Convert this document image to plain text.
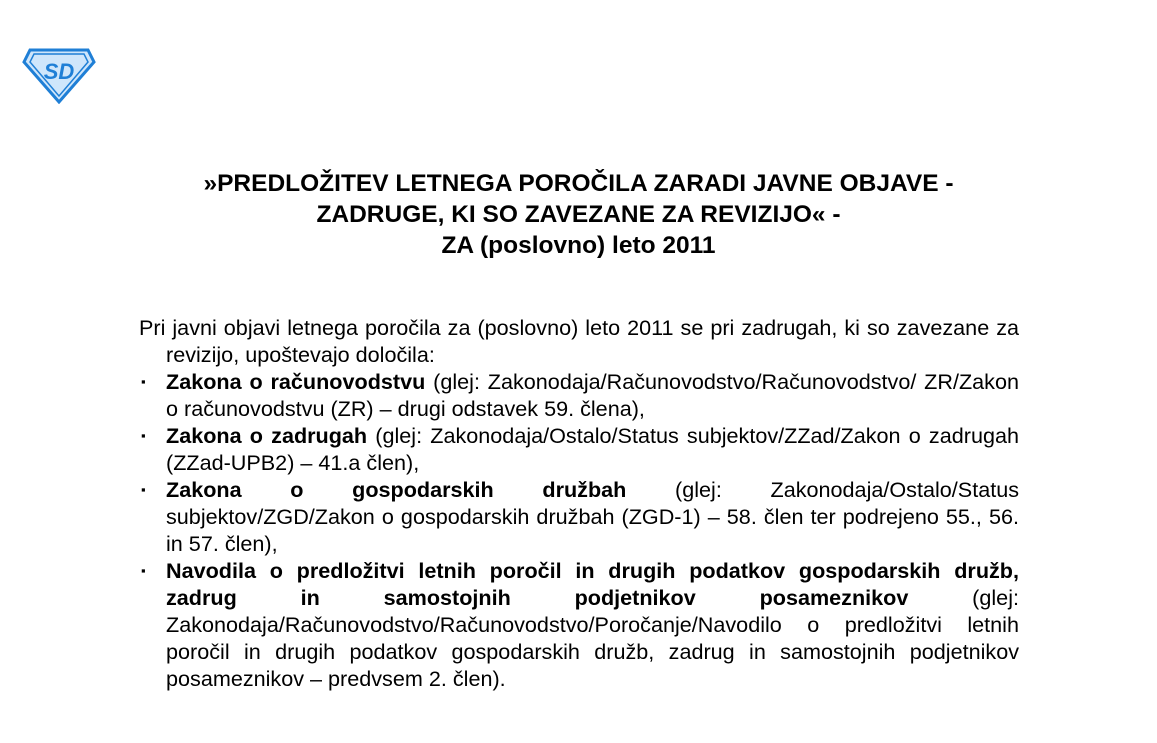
SD
»PREDLOŽITEV LETNEGA POROČILA ZARADI JAVNE OBJAVE -
ZADRUGE, KI SO ZAVEZANE ZA REVIZIJO« -
ZA (poslovno) leto 2011

Pri javni objavi letnega poročila za (poslovno) leto 2011 se pri zadrugah, ki so zavezane za revizijo, upoštevajo določila:

▪ Zakona o računovodstvu (glej: Zakonodaja/Računovodstvo/Računovodstvo/ ZR/Zakon o računovodstvu (ZR) – drugi odstavek 59. člena),
▪ Zakona o zadrugah (glej: Zakonodaja/Ostalo/Status subjektov/ZZad/Zakon o zadrugah (ZZad-UPB2) – 41.a člen),
▪ Zakona o gospodarskih družbah (glej: Zakonodaja/Ostalo/Status subjektov/ZGD/Zakon o gospodarskih družbah (ZGD-1) – 58. člen ter podrejeno 55., 56. in 57. člen),
▪ Navodila o predložitvi letnih poročil in drugih podatkov gospodarskih družb, zadrug in samostojnih podjetnikov posameznikov (glej: Zakonodaja/Računovodstvo/Računovodstvo/Poročanje/Navodilo o predložitvi letnih poročil in drugih podatkov gospodarskih družb, zadrug in samostojnih podjetnikov posameznikov – predvsem 2. člen).
